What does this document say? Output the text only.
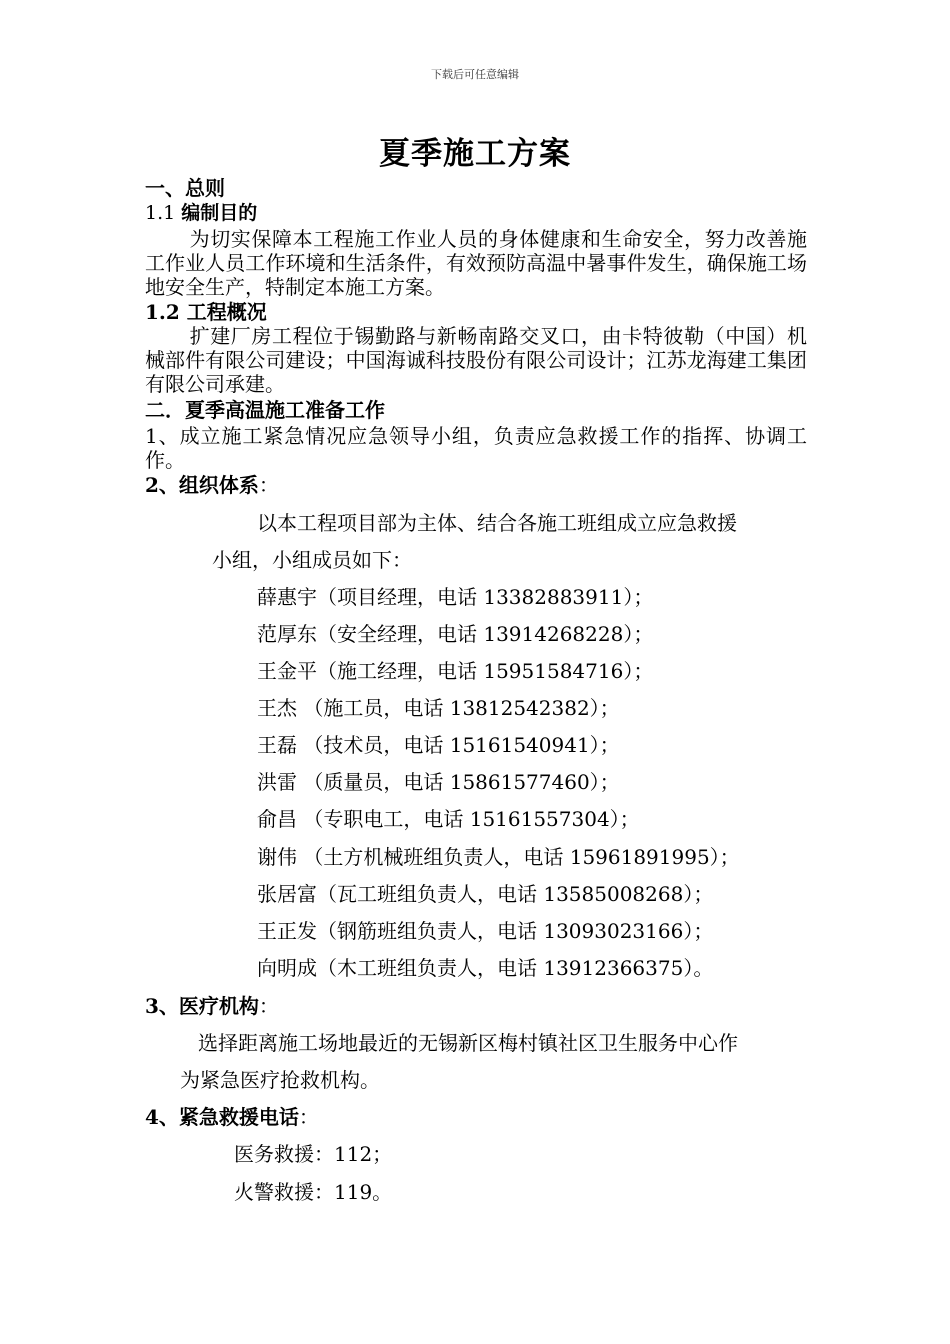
下载后可任意编辑
夏季施工方案
一、总则
1.1 编制目的
为切实保障本工程施工作业人员的身体健康和生命安全，努力改善施工作业人员工作环境和生活条件，有效预防高温中暑事件发生，确保施工场地安全生产，特制定本施工方案。
1.2 工程概况
扩建厂房工程位于锡勤路与新畅南路交叉口，由卡特彼勒（中国）机械部件有限公司建设；中国海诚科技股份有限公司设计；江苏龙海建工集团有限公司承建。
二．夏季高温施工准备工作
1、成立施工紧急情况应急领导小组，负责应急救援工作的指挥、协调工作。
2、组织体系：
以本工程项目部为主体、结合各施工班组成立应急救援
小组，小组成员如下：
薛惠宇（项目经理，电话 13382883911）；
范厚东（安全经理，电话 13914268228）；
王金平（施工经理，电话 15951584716）；
王杰 （施工员，电话 13812542382）；
王磊 （技术员，电话 15161540941）；
洪雷 （质量员，电话 15861577460）；
俞昌 （专职电工，电话 15161557304）；
谢伟 （土方机械班组负责人，电话 15961891995）；
张居富（瓦工班组负责人，电话 13585008268）；
王正发（钢筋班组负责人，电话 13093023166）；
向明成（木工班组负责人，电话 13912366375）。
3、医疗机构：
选择距离施工场地最近的无锡新区梅村镇社区卫生服务中心作
为紧急医疗抢救机构。
4、紧急救援电话：
医务救援：112；
火警救援：119。
